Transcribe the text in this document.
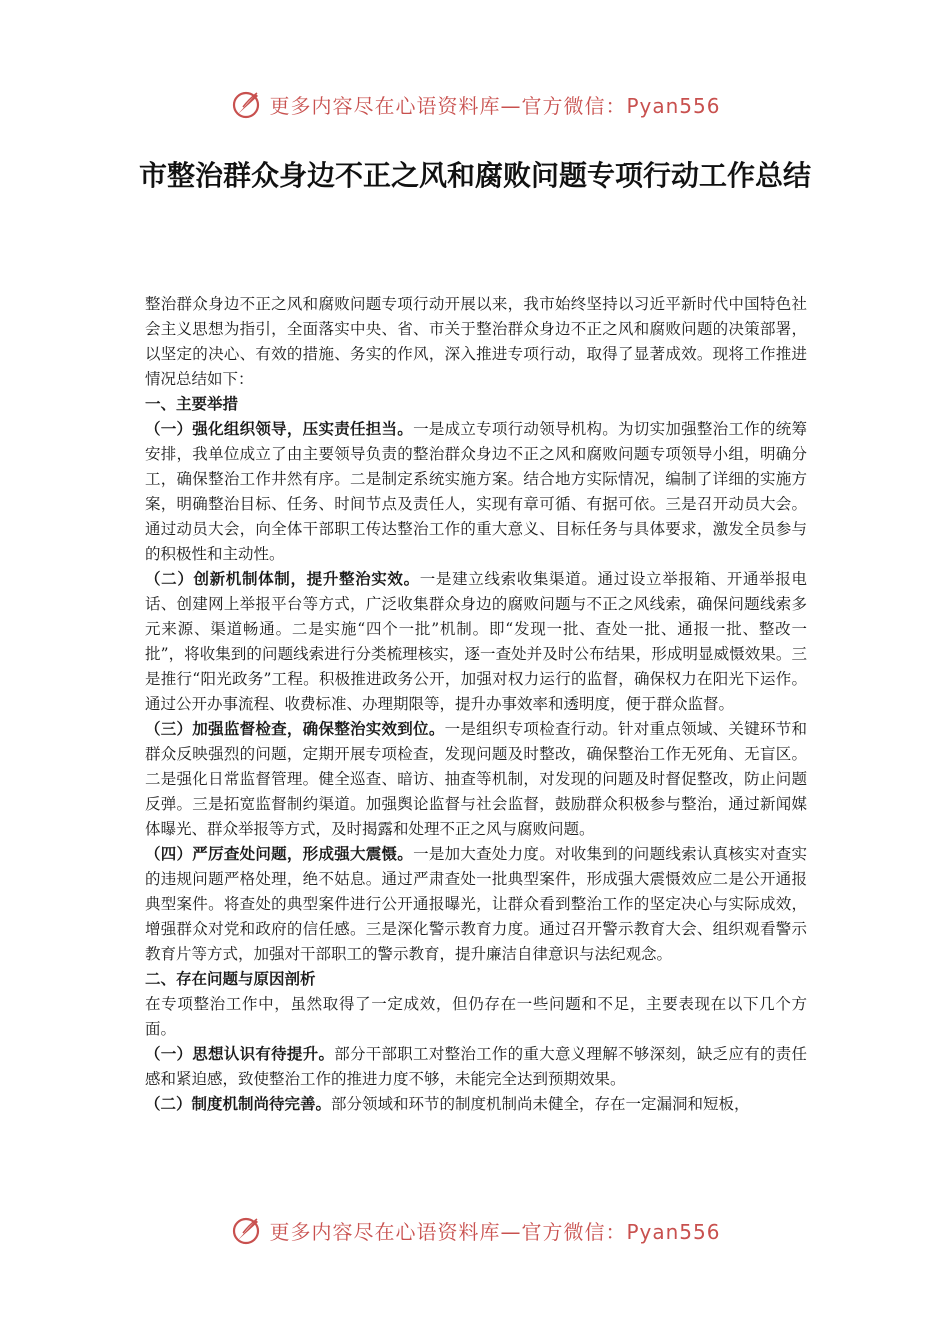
更多内容尽在心语资料库—官方微信：Pyan556
市整治群众身边不正之风和腐败问题专项行动工作总结

整治群众身边不正之风和腐败问题专项行动开展以来，我市始终坚持以习近平新时代中国特色社会主义思想为指引，全面落实中央、省、市关于整治群众身边不正之风和腐败问题的决策部署，以坚定的决心、有效的措施、务实的作风，深入推进专项行动，取得了显著成效。现将工作推进情况总结如下：

一、主要举措

（一）强化组织领导，压实责任担当。一是成立专项行动领导机构。为切实加强整治工作的统筹安排，我单位成立了由主要领导负责的整治群众身边不正之风和腐败问题专项领导小组，明确分工，确保整治工作井然有序。二是制定系统实施方案。结合地方实际情况，编制了详细的实施方案，明确整治目标、任务、时间节点及责任人，实现有章可循、有据可依。三是召开动员大会。通过动员大会，向全体干部职工传达整治工作的重大意义、目标任务与具体要求，激发全员参与的积极性和主动性。

（二）创新机制体制，提升整治实效。一是建立线索收集渠道。通过设立举报箱、开通举报电话、创建网上举报平台等方式，广泛收集群众身边的腐败问题与不正之风线索，确保问题线索多元来源、渠道畅通。二是实施“四个一批”机制。即“发现一批、查处一批、通报一批、整改一批”，将收集到的问题线索进行分类梳理核实，逐一查处并及时公布结果，形成明显威慑效果。三是推行“阳光政务”工程。积极推进政务公开，加强对权力运行的监督，确保权力在阳光下运作。通过公开办事流程、收费标准、办理期限等，提升办事效率和透明度，便于群众监督。

（三）加强监督检查，确保整治实效到位。一是组织专项检查行动。针对重点领域、关键环节和群众反映强烈的问题，定期开展专项检查，发现问题及时整改，确保整治工作无死角、无盲区。二是强化日常监督管理。健全巡查、暗访、抽查等机制，对发现的问题及时督促整改，防止问题反弹。三是拓宽监督制约渠道。加强舆论监督与社会监督，鼓励群众积极参与整治，通过新闻媒体曝光、群众举报等方式，及时揭露和处理不正之风与腐败问题。

（四）严厉查处问题，形成强大震慑。一是加大查处力度。对收集到的问题线索认真核实对查实的违规问题严格处理，绝不姑息。通过严肃查处一批典型案件，形成强大震慑效应二是公开通报典型案件。将查处的典型案件进行公开通报曝光，让群众看到整治工作的坚定决心与实际成效，增强群众对党和政府的信任感。三是深化警示教育力度。通过召开警示教育大会、组织观看警示教育片等方式，加强对干部职工的警示教育，提升廉洁自律意识与法纪观念。

二、存在问题与原因剖析

在专项整治工作中，虽然取得了一定成效，但仍存在一些问题和不足，主要表现在以下几个方面。

（一）思想认识有待提升。部分干部职工对整治工作的重大意义理解不够深刻，缺乏应有的责任感和紧迫感，致使整治工作的推进力度不够，未能完全达到预期效果。

（二）制度机制尚待完善。部分领域和环节的制度机制尚未健全，存在一定漏洞和短板，

更多内容尽在心语资料库—官方微信：Pyan556
